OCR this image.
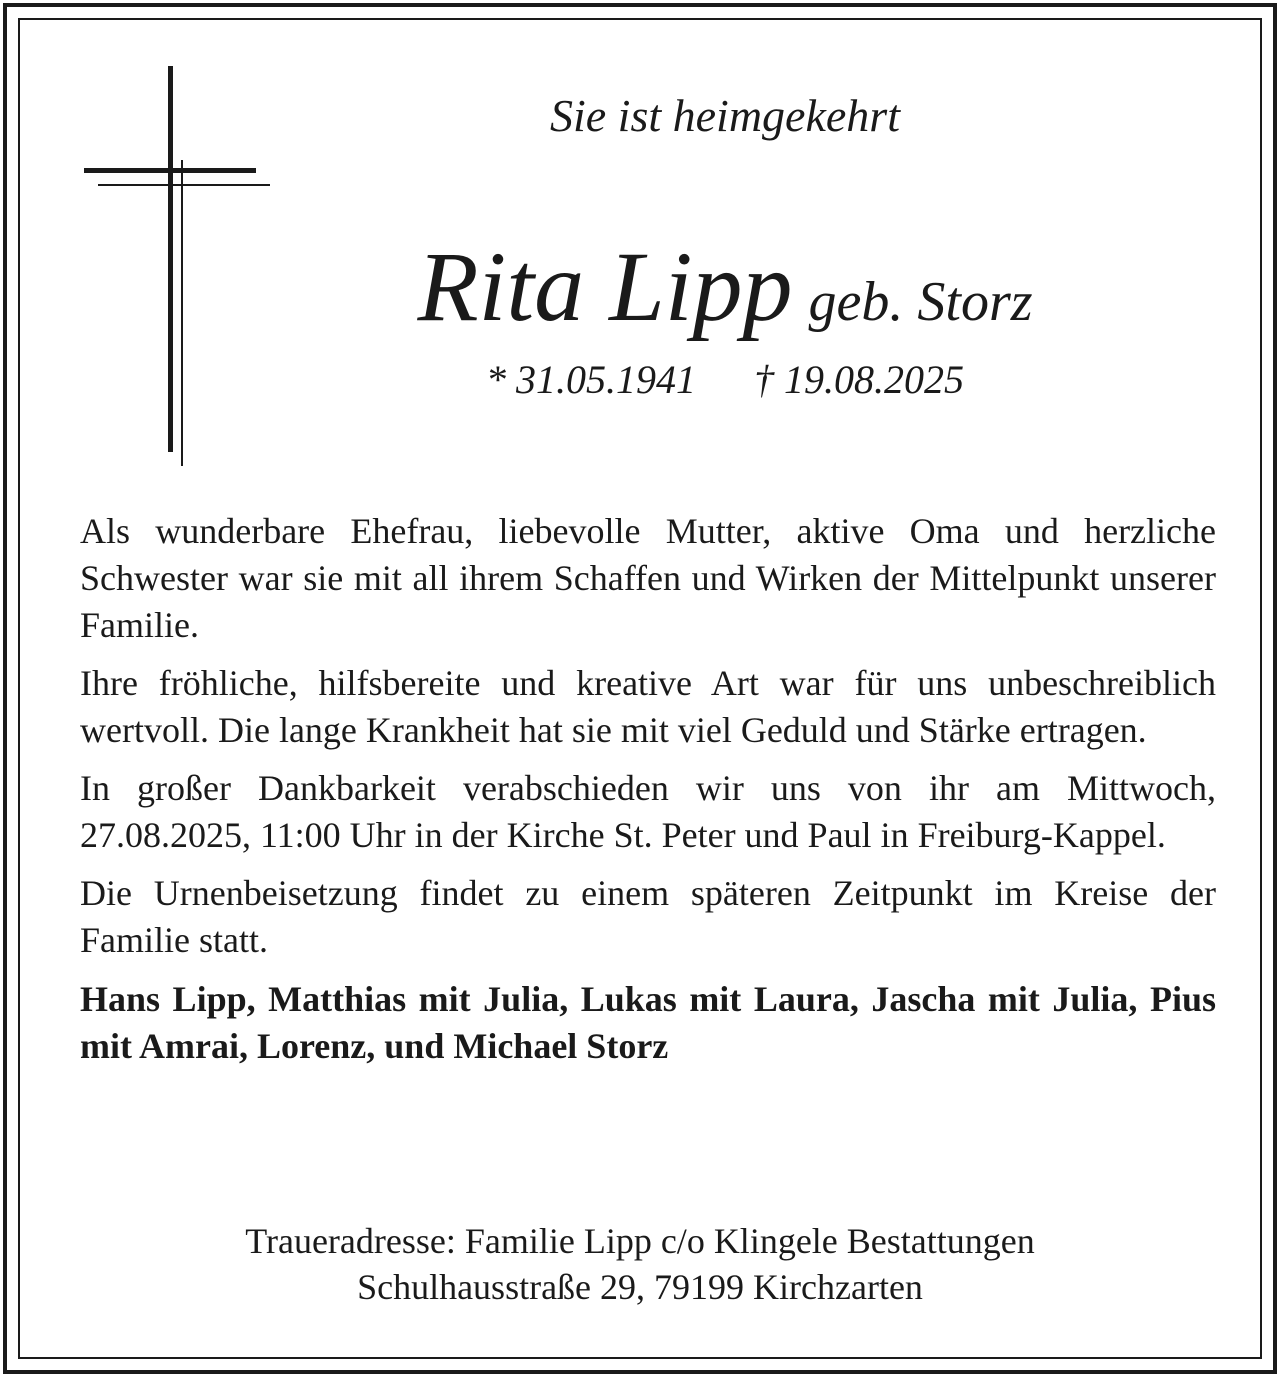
Sie ist heimgekehrt
Rita Lipp geb. Storz
* 31.05.1941 † 19.08.2025

Als wunderbare Ehefrau, liebevolle Mutter, aktive Oma und herzliche Schwester war sie mit all ihrem Schaffen und Wirken der Mittelpunkt unserer Familie.

Ihre fröhliche, hilfsbereite und kreative Art war für uns unbeschreiblich wertvoll. Die lange Krankheit hat sie mit viel Geduld und Stärke ertragen.

In großer Dankbarkeit verabschieden wir uns von ihr am Mittwoch, 27.08.2025, 11:00 Uhr in der Kirche St. Peter und Paul in Freiburg-Kappel.

Die Urnenbeisetzung findet zu einem späteren Zeitpunkt im Kreise der Familie statt.

Hans Lipp, Matthias mit Julia, Lukas mit Laura, Jascha mit Julia, Pius mit Amrai, Lorenz, und Michael Storz

Traueradresse: Familie Lipp c/o Klingele Bestattungen
Schulhausstraße 29, 79199 Kirchzarten
